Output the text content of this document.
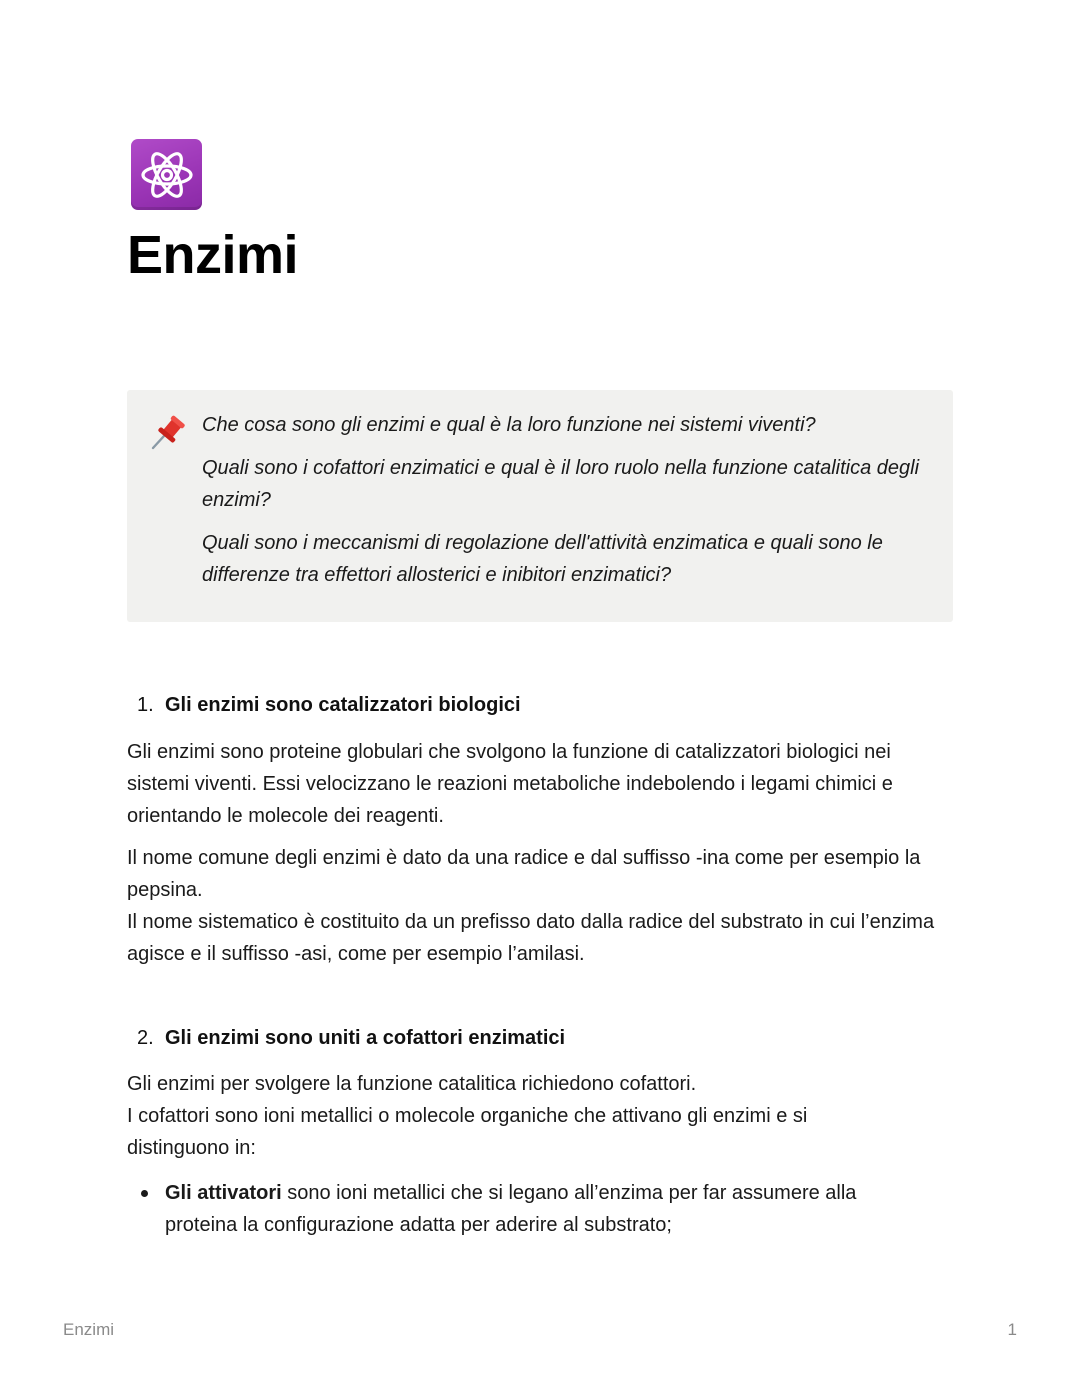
Enzimi

Che cosa sono gli enzimi e qual è la loro funzione nei sistemi viventi?

Quali sono i cofattori enzimatici e qual è il loro ruolo nella funzione catalitica degli enzimi?

Quali sono i meccanismi di regolazione dell'attività enzimatica e quali sono le differenze tra effettori allosterici e inibitori enzimatici?

1. Gli enzimi sono catalizzatori biologici

Gli enzimi sono proteine globulari che svolgono la funzione di catalizzatori biologici nei sistemi viventi. Essi velocizzano le reazioni metaboliche indebolendo i legami chimici e orientando le molecole dei reagenti.

Il nome comune degli enzimi è dato da una radice e dal suffisso -ina come per esempio la pepsina.

Il nome sistematico è costituito da un prefisso dato dalla radice del substrato in cui l’enzima agisce e il suffisso -asi, come per esempio l’amilasi.

2. Gli enzimi sono uniti a cofattori enzimatici

Gli enzimi per svolgere la funzione catalitica richiedono cofattori.

I cofattori sono ioni metallici o molecole organiche che attivano gli enzimi e si distinguono in:

Gli attivatori sono ioni metallici che si legano all’enzima per far assumere alla proteina la configurazione adatta per aderire al substrato;
Enzimi	1
